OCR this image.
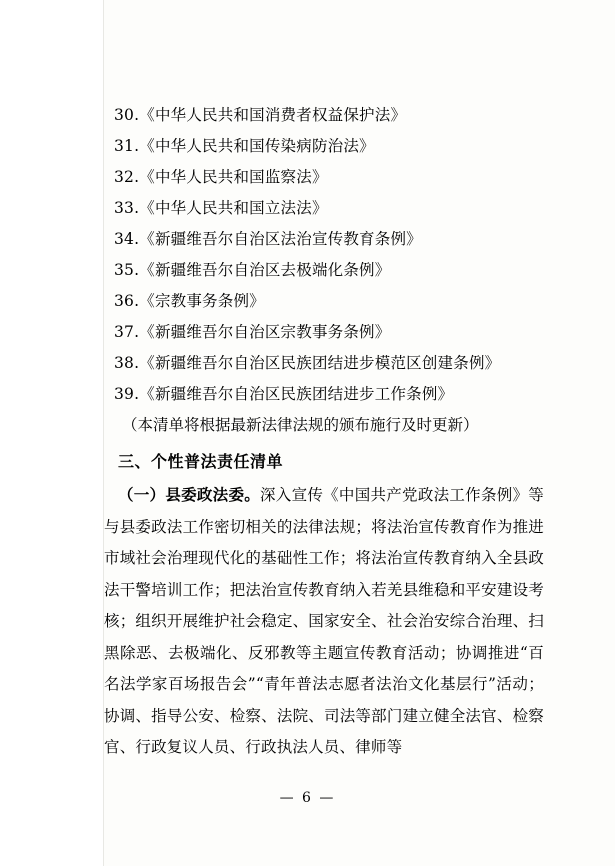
30.《中华人民共和国消费者权益保护法》
31.《中华人民共和国传染病防治法》
32.《中华人民共和国监察法》
33.《中华人民共和国立法法》
34.《新疆维吾尔自治区法治宣传教育条例》
35.《新疆维吾尔自治区去极端化条例》
36.《宗教事务条例》
37.《新疆维吾尔自治区宗教事务条例》
38.《新疆维吾尔自治区民族团结进步模范区创建条例》
39.《新疆维吾尔自治区民族团结进步工作条例》
（本清单将根据最新法律法规的颁布施行及时更新）
三、个性普法责任清单
（一）县委政法委。深入宣传《中国共产党政法工作条例》等与县委政法工作密切相关的法律法规；将法治宣传教育作为推进市域社会治理现代化的基础性工作；将法治宣传教育纳入全县政法干警培训工作；把法治宣传教育纳入若羌县维稳和平安建设考核；组织开展维护社会稳定、国家安全、社会治安综合治理、扫黑除恶、去极端化、反邪教等主题宣传教育活动；协调推进“百名法学家百场报告会”“青年普法志愿者法治文化基层行”活动；协调、指导公安、检察、法院、司法等部门建立健全法官、检察官、行政复议人员、行政执法人员、律师等
— 6 —
